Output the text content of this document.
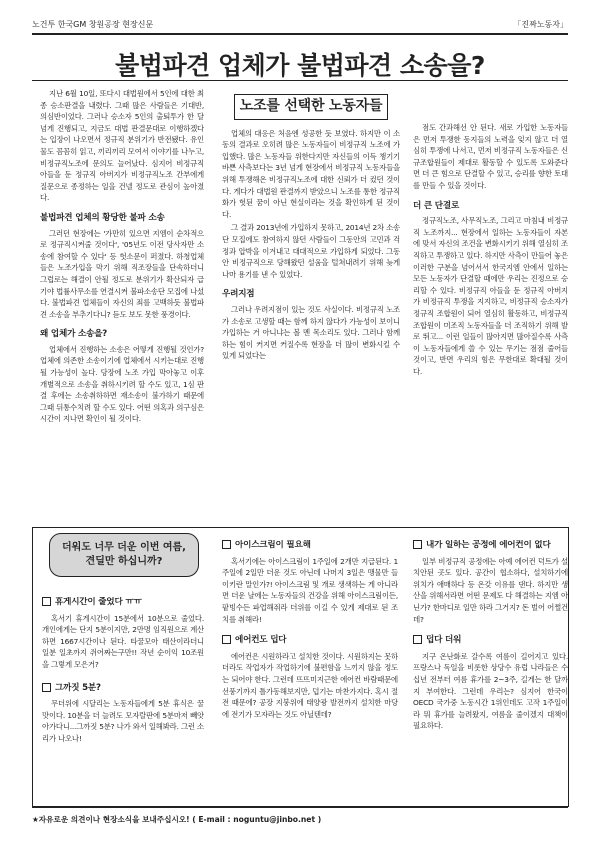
노건투 한국GM 창원공장 현장신문	「진짜노동자」
불법파견 업체가 불법파견 소송을?

지난 6월 10일, 또다시 대법원에서 5인에 대한 최종 승소판결을 내렸다. 그때 많은 사람들은 기대반, 의심반이었다. 그러나 승소자 5인의 출퇴투가 한 달 넘게 진행되고, 지금도 대법 판결문대로 이행하겠다는 입장이 나오면서 정규직 분위기가 반전됐다. 유인물도 꼼꼼히 읽고, 끼리끼리 모여서 이야기를 나누고, 비정규직노조에 문의도 늘어났다. 심지어 비정규직 아들을 둔 정규직 아버지가 비정규직노조 간부에게 질문으로 종정하는 일을 건넬 정도로 관심이 높아졌다.

불법파견 업체의 황당한 불파 소송

그러던 현장에는 '가만히 있으면 지엠이 순차적으로 정규직시켜줄 것이다', '05년도 이전 당사자만 소송에 참여할 수 있다' 등 헛소문이 퍼졌다. 하청업체들은 노조가입을 막기 위해 직조장들을 단속하더니 그럽로는 해결이 안될 정도로 분위기가 확산되자 급기야 법률사무소를 연결시켜 불파소송단 모집에 나섰다. 불법파견 업체들이 자신의 죄를 고백하듯 불법파견 소송을 부추기다니? 듣도 보도 못한 풍경이다.

왜 업체가 소송을?

업체에서 진행하는 소송은 어떻게 진행될 것인가? 업체에 의존한 소송이기에 업체에서 시키는대로 진행될 가능성이 높다. 당장에 노조 가입 막아놓고 이후 개별적으로 소송을 취하시키려 할 수도 있고, 1심 판결 후에는 소송취하하면 재소송이 불가하기 때문에 그때 뒤통수치려 할 수도 있다. 어떤 의혹과 의구심은 시간이 지나면 확인이 될 것이다.

노조를 선택한 노동자들

업체의 대응은 처음엔 성공한 듯 보였다. 하지만 이 소동의 결과로 오히려 많은 노동자들이 비정규직 노조에 가입했다. 많은 노동자들 위한다지만 자신들의 이득 챙기기 바쁜 사측보다는 3년 넘게 현장에서 비정규직 노동자들을 위해 투쟁해온 비정규직노조에 대한 신뢰가 더 컸던 것이다. 게다가 대법원 판결까지 받았으니 노조를 통한 정규직화가 헛된 꿈이 아닌 현실이라는 것을 확인하게 된 것이다.

그 결과 2013년에 가입하지 못하고, 2014년 2차 소송단 모집에도 참여하지 않던 사람들이 그동안의 고민과 걱정과 압박을 이겨내고 대대적으로 가입하게 되었다. 그동안 비정규직으로 당해왔던 설움을 털쳐내려기 위해 늦게나마 용기를 낸 수 있었다.

우려지점

그러나 우려지점이 있는 것도 사실이다. 비정규직 노조가 소송로 고생할 때는 함께 하지 않다가 가능성이 보이니 가입하는 거 아니냐는 볼 멘 목소리도 있다. 그러나 함께 하는 힘이 커지면 커질수록 현장을 더 많이 변화시킬 수 있게 되었다는

점도 간과해선 안 된다. 새로 가입한 노동자들은 먼저 투쟁한 동지들의 노력을 잊지 않고 더 열심히 투쟁에 나서고, 먼저 비정규직 노동자들은 신규조합원들이 제대로 활동할 수 있도록 도와준다면 더 큰 힘으로 단결할 수 있고, 승리를 향한 토대를 만들 수 있을 것이다.

더 큰 단결로

정규직노조, 사무직노조, 그리고 마침내 비정규직 노조까지... 현장에서 일하는 노동자들이 자본에 맞서 자신의 조건을 변화시키기 위해 열심히 조직하고 투쟁하고 있다. 하지만 사측이 만들어 놓은 이러한 구분을 넘어서서 한국지엠 안에서 일하는 모든 노동자가 단결할 때에만 우리는 진정으로 승리할 수 있다. 비정규직 아들을 둔 정규직 아버지가 비정규직 투쟁을 지지하고, 비정규직 승소자가 정규직 조합원이 되어 열심히 활동하고, 비정규직 조합원이 미조직 노동자들을 더 조직하기 위해 발로 뛰고... 이런 일들이 많아지면 많아질수록 사측이 노동자들에게 쓸 수 있는 무기는 점점 줄어들 것이고, 반면 우리의 힘은 무한대로 확대될 것이다.

더워도 너무 더운 이번 여름,
견딜만 하십니까?
휴게시간이 줄었다 ㅠㅠ

혹서기 휴게시간이 15분에서 10분으로 줄었다. 개인에게는 단지 5분이지만, 2만명 임직원으로 계산하면 1667시간이나 된다. 타꿀모아 태산이라더니 일분 일초까지 쥐어짜는구만!! 작년 순이익 10조원을 그렇게 모은거?

그까짓 5분?

무더위에 시달리는 노동자들에게 5분 휴식은 꿀맛이다. 10분을 더 늘려도 모자랄판에 5분마저 빼앗아가다니...그까짓 5분? 나가 와서 일해봐라. 그런 소리가 나오나!

아이스크림이 필요해

혹서기에는 아이스크림이 1주일에 2개만 지급된다. 1주일에 2일만 더운 것도 아닌데 나머지 3일은 맹물만 들이키란 말인가?! 아이스크림 및 개로 생색하는 게 아니라면 더운 날에는 노동자들의 건강을 위해 아이스크림이든, 팥빙수든 파업해줘라 더위를 이길 수 있게 제대로 된 조치를 취해라!

에어컨도 덥다

에어컨은 시원하라고 설치한 것이다. 시원하지는 못하더라도 작업자가 작업하기에 불편함을 느끼지 않을 정도는 되어야 한다. 그런데 뜨뜨미지근한 에어컨 바람때문에 선풍기까지 틀가동해보지만, 덥기는 마찬가지다. 혹시 절전 때문에? 공장 지붕위에 태양광 발전까지 설치한 마당에 전기가 모자라는 것도 아닐텐데?

내가 일하는 공정에 에어컨이 없다

일부 비정규직 공정에는 아예 에어컨 덕트가 설치안된 곳도 있다. 공간이 협소하다, 설치하기에 위치가 애매하다 등 온갖 이유를 댄다. 하지만 생산을 위해서라면 어떤 문제도 다 해결하는 지엠 아닌가? 한마디로 일만 하라 그거지? 돈 벌어 어쩔건데?

덥다 더워

지구 온난화로 갈수록 여름이 길어지고 있다. 프랑스나 독일을 비롯한 상당수 유럽 나라들은 수십년 전부터 여름 휴가를 2~3주, 길게는 한 달까지 부여한다. 그런데 우리는? 심지어 한국이 OECD 국가중 노동시간 1위인데도 고작 1주일이라 뭐 휴가를 늘려왔지, 여름을 줄이겠지 대책이 필요하다.

★자유로운 의견이나 현장소식을 보내주십시오! ( E-mail : noguntu@jinbo.net )
